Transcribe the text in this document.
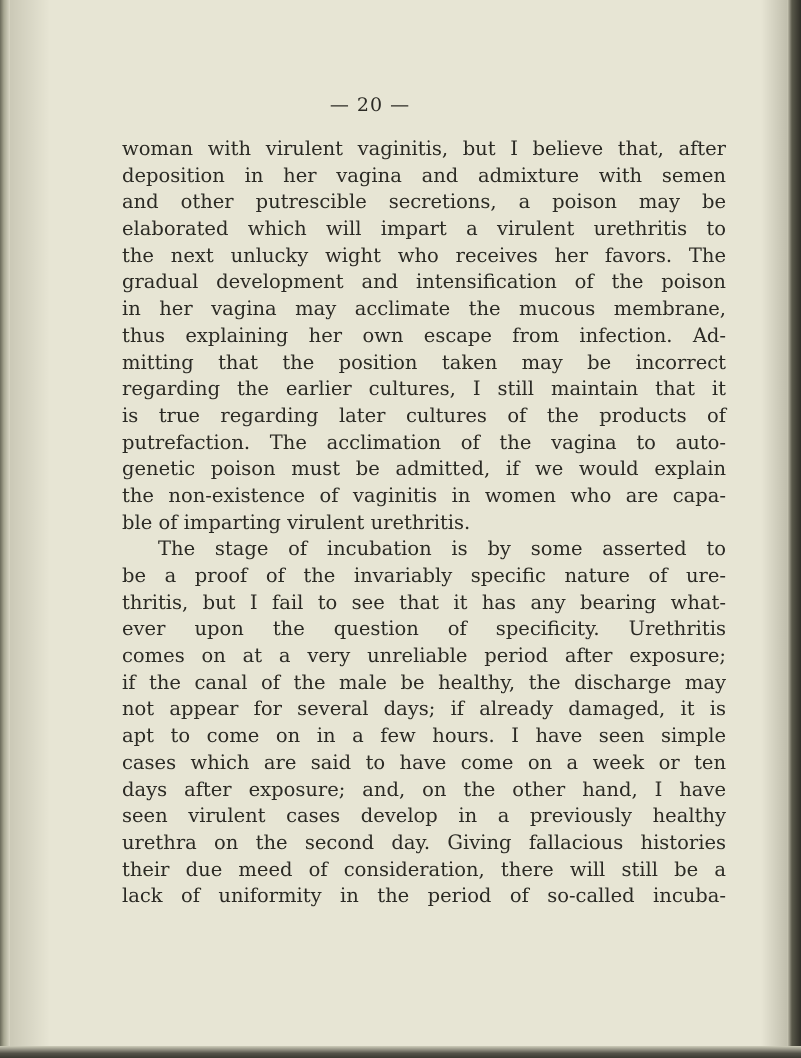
— 20 —
woman with virulent vaginitis, but I believe that, after
deposition in her vagina and admixture with semen
and other putrescible secretions, a poison may be
elaborated which will impart a virulent urethritis to
the next unlucky wight who receives her favors. The
gradual development and intensification of the poison
in her vagina may acclimate the mucous membrane,
thus explaining her own escape from infection. Ad-
mitting that the position taken may be incorrect
regarding the earlier cultures, I still maintain that it
is true regarding later cultures of the products of
putrefaction. The acclimation of the vagina to auto-
genetic poison must be admitted, if we would explain
the non-existence of vaginitis in women who are capa-
ble of imparting virulent urethritis.
The stage of incubation is by some asserted to
be a proof of the invariably specific nature of ure-
thritis, but I fail to see that it has any bearing what-
ever upon the question of specificity. Urethritis
comes on at a very unreliable period after exposure;
if the canal of the male be healthy, the discharge may
not appear for several days; if already damaged, it is
apt to come on in a few hours. I have seen simple
cases which are said to have come on a week or ten
days after exposure; and, on the other hand, I have
seen virulent cases develop in a previously healthy
urethra on the second day. Giving fallacious histories
their due meed of consideration, there will still be a
lack of uniformity in the period of so-called incuba-
